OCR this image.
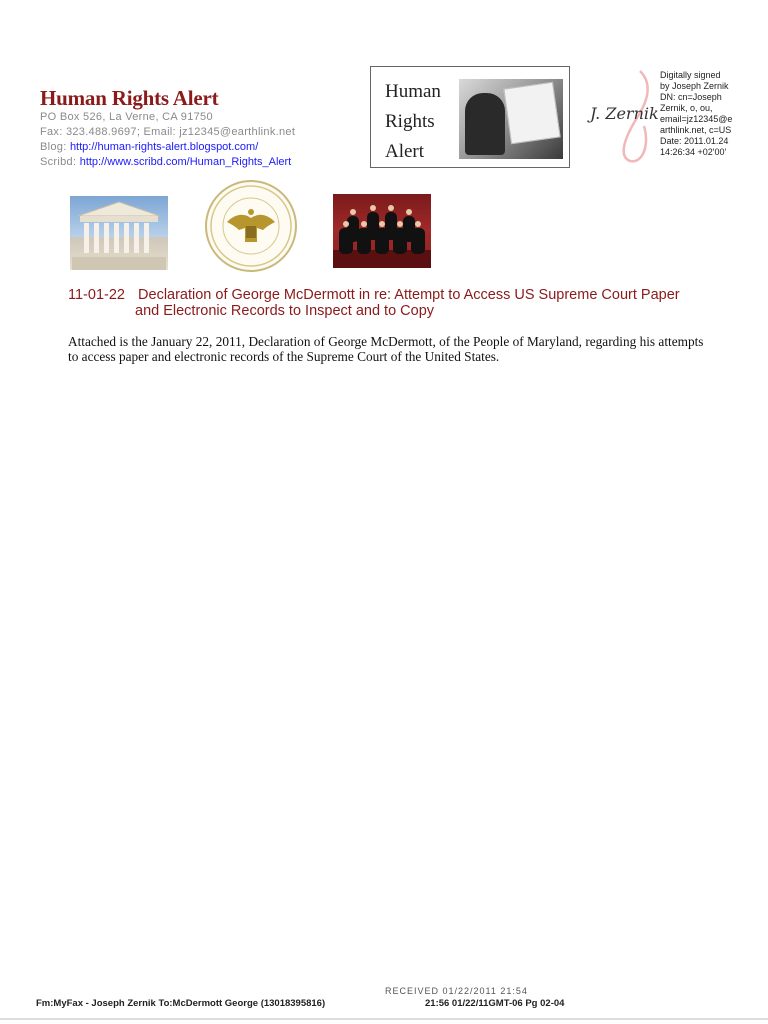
Human Rights Alert
PO Box 526, La Verne, CA 91750
Fax: 323.488.9697; Email: jz12345@earthlink.net
Blog: http://human-rights-alert.blogspot.com/
Scribd: http://www.scribd.com/Human_Rights_Alert
Human
Rights
Alert
J. Zernik
Digitally signed
by Joseph Zernik
DN: cn=Joseph
Zernik, o, ou,
email=jz12345@e
arthlink.net, c=US
Date: 2011.01.24
14:26:34 +02'00'
11-01-22 Declaration of George McDermott in re: Attempt to Access US Supreme Court Paper
and Electronic Records to Inspect and to Copy
Attached is the January 22, 2011, Declaration of George McDermott, of the People of Maryland, regarding his attempts to access paper and electronic records of the Supreme Court of the United States.
RECEIVED 01/22/2011 21:54
Fm:MyFax - Joseph Zernik To:McDermott George (13018395816)	21:56 01/22/11GMT-06 Pg 02-04
